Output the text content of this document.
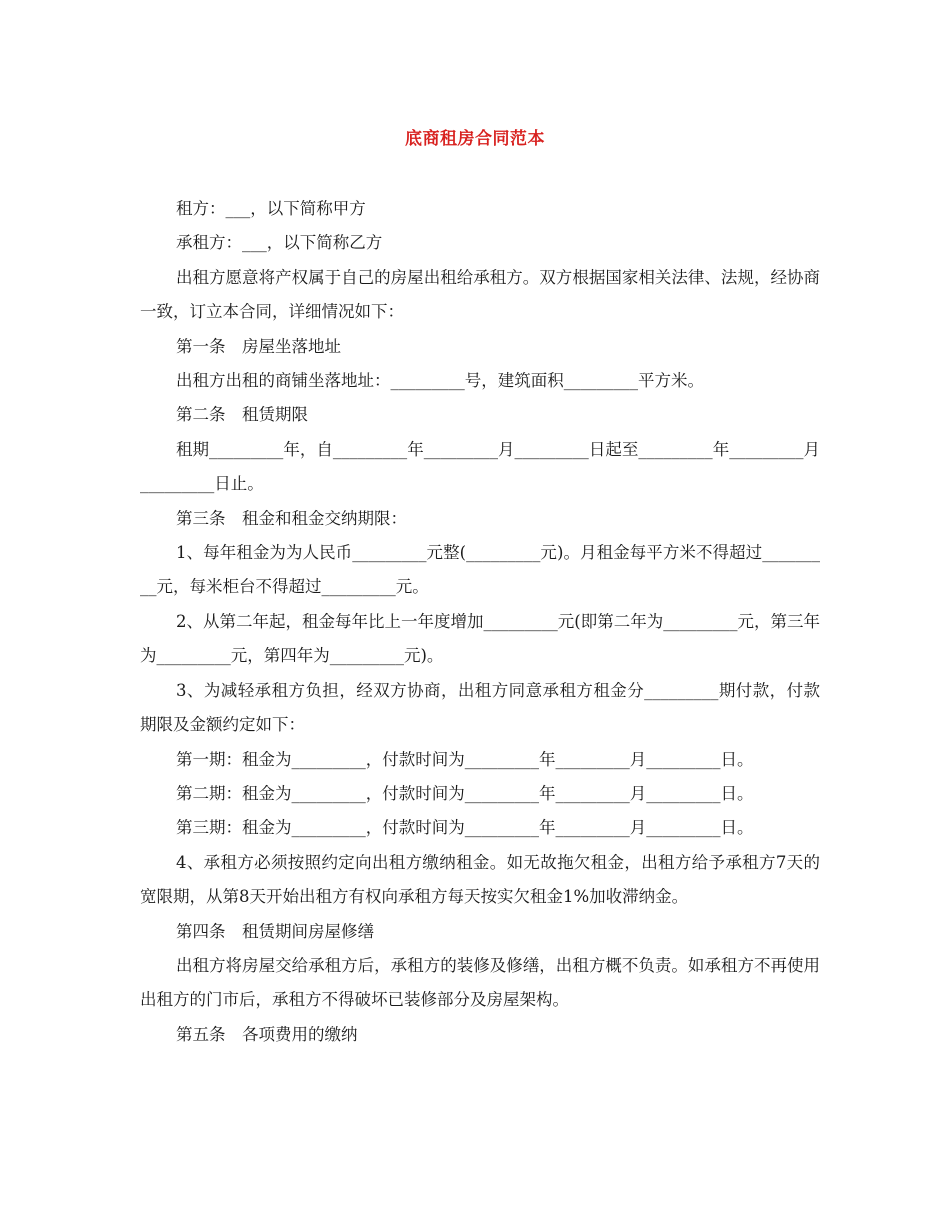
底商租房合同范本

租方：___，以下简称甲方

承租方：___，以下简称乙方

出租方愿意将产权属于自己的房屋出租给承租方。双方根据国家相关法律、法规，经协商一致，订立本合同，详细情况如下：

第一条　房屋坐落地址

出租方出租的商铺坐落地址：_________号，建筑面积_________平方米。

第二条　租赁期限

租期_________年，自_________年_________月_________日起至_________年_________月_________日止。

第三条　租金和租金交纳期限：

1、每年租金为为人民币_________元整(_________元)。月租金每平方米不得超过_________元，每米柜台不得超过_________元。

2、从第二年起，租金每年比上一年度增加_________元(即第二年为_________元，第三年为_________元，第四年为_________元)。

3、为减轻承租方负担，经双方协商，出租方同意承租方租金分_________期付款，付款期限及金额约定如下：

第一期：租金为_________，付款时间为_________年_________月_________日。

第二期：租金为_________，付款时间为_________年_________月_________日。

第三期：租金为_________，付款时间为_________年_________月_________日。

4、承租方必须按照约定向出租方缴纳租金。如无故拖欠租金，出租方给予承租方7天的宽限期，从第8天开始出租方有权向承租方每天按实欠租金1%加收滞纳金。

第四条　租赁期间房屋修缮

出租方将房屋交给承租方后，承租方的装修及修缮，出租方概不负责。如承租方不再使用出租方的门市后，承租方不得破坏已装修部分及房屋架构。

第五条　各项费用的缴纳
